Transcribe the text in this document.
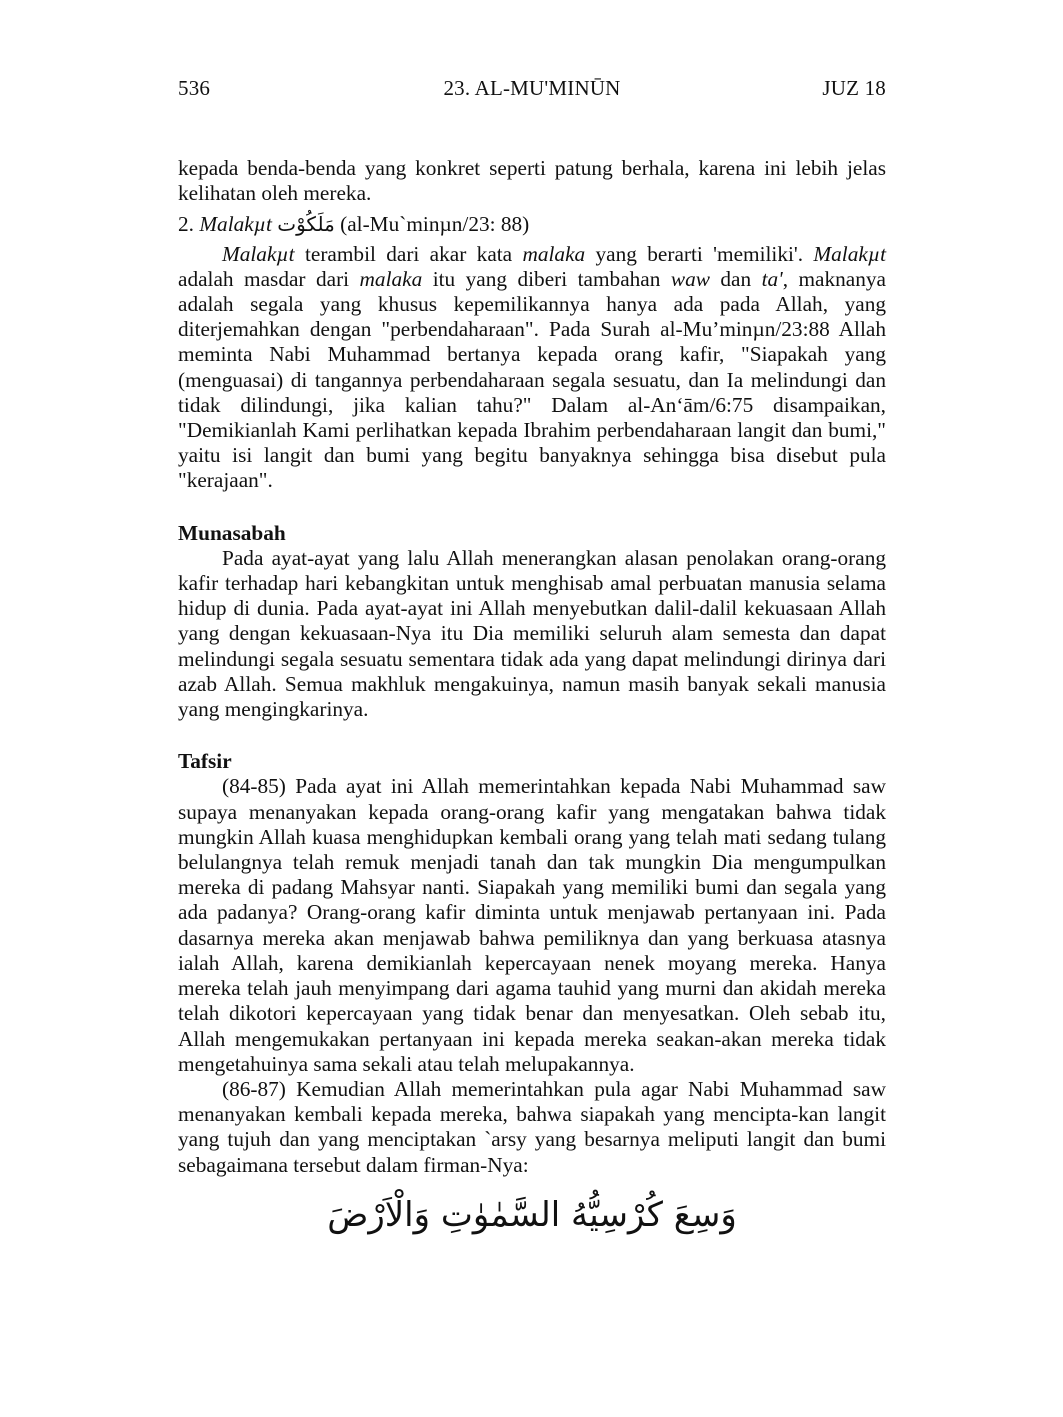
536	23. AL-MU'MINŪN	JUZ 18

kepada benda-benda yang konkret seperti patung berhala, karena ini lebih jelas kelihatan oleh mereka.

2. Malakµt مَلَكُوْت (al-Mu`minµn/23: 88)

Malakµt terambil dari akar kata malaka yang berarti 'memiliki'. Malakµt adalah masdar dari malaka itu yang diberi tambahan waw dan ta', maknanya adalah segala yang khusus kepemilikannya hanya ada pada Allah, yang diterjemahkan dengan "perbendaharaan". Pada Surah al-Mu’minµn/23:88 Allah meminta Nabi Muhammad bertanya kepada orang kafir, "Siapakah yang (menguasai) di tangannya perbendaharaan segala sesuatu, dan Ia melindungi dan tidak dilindungi, jika kalian tahu?" Dalam al-An‘ām/6:75 disampaikan, "Demikianlah Kami perlihatkan kepada Ibrahim perbendaharaan langit dan bumi," yaitu isi langit dan bumi yang begitu banyaknya sehingga bisa disebut pula "kerajaan".

Munasabah

Pada ayat-ayat yang lalu Allah menerangkan alasan penolakan orang-orang kafir terhadap hari kebangkitan untuk menghisab amal perbuatan manusia selama hidup di dunia. Pada ayat-ayat ini Allah menyebutkan dalil-dalil kekuasaan Allah yang dengan kekuasaan-Nya itu Dia memiliki seluruh alam semesta dan dapat melindungi segala sesuatu sementara tidak ada yang dapat melindungi dirinya dari azab Allah. Semua makhluk mengakuinya, namun masih banyak sekali manusia yang mengingkarinya.

Tafsir

(84-85) Pada ayat ini Allah memerintahkan kepada Nabi Muhammad saw supaya menanyakan kepada orang-orang kafir yang mengatakan bahwa tidak mungkin Allah kuasa menghidupkan kembali orang yang telah mati sedang tulang belulangnya telah remuk menjadi tanah dan tak mungkin Dia mengumpulkan mereka di padang Mahsyar nanti. Siapakah yang memiliki bumi dan segala yang ada padanya? Orang-orang kafir diminta untuk menjawab pertanyaan ini. Pada dasarnya mereka akan menjawab bahwa pemiliknya dan yang berkuasa atasnya ialah Allah, karena demikianlah kepercayaan nenek moyang mereka. Hanya mereka telah jauh menyimpang dari agama tauhid yang murni dan akidah mereka telah dikotori kepercayaan yang tidak benar dan menyesatkan. Oleh sebab itu, Allah mengemukakan pertanyaan ini kepada mereka seakan-akan mereka tidak mengetahuinya sama sekali atau telah melupakannya.

(86-87) Kemudian Allah memerintahkan pula agar Nabi Muhammad saw menanyakan kembali kepada mereka, bahwa siapakah yang mencipta-kan langit yang tujuh dan yang menciptakan `arsy yang besarnya meliputi langit dan bumi sebagaimana tersebut dalam firman-Nya:

وَسِعَ كُرْسِيُّهُ السَّمٰوٰتِ وَالْاَرْضَ
